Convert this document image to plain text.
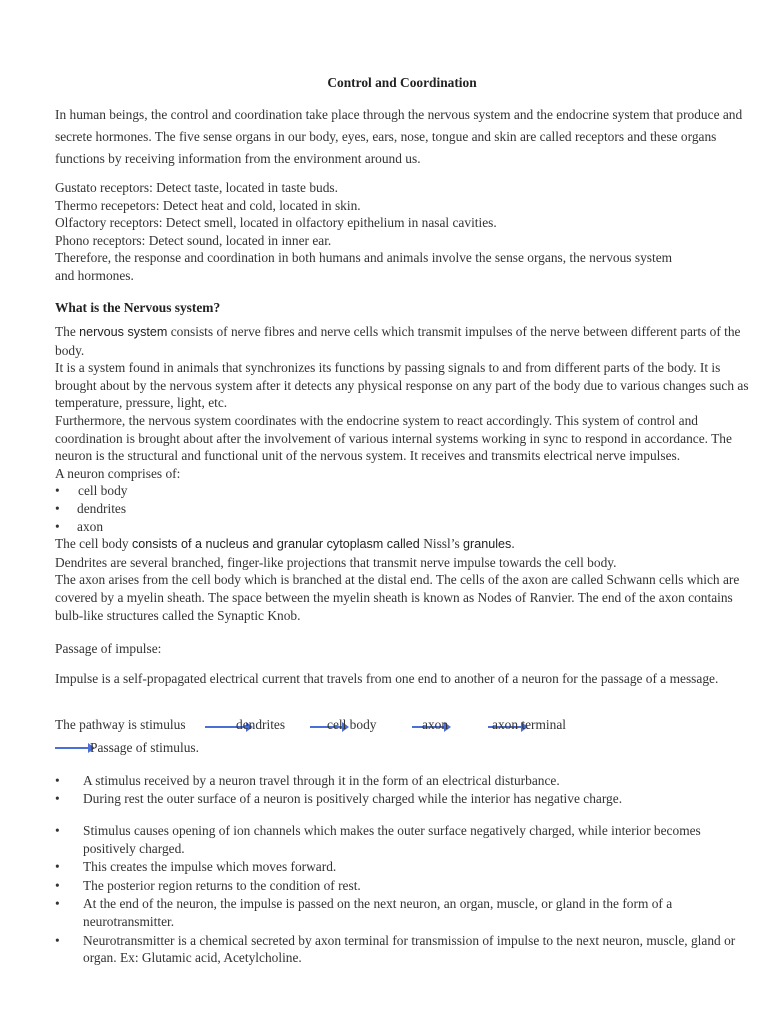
Control and Coordination
In human beings, the control and coordination take place through the nervous system and the endocrine system that produce and secrete hormones. The five sense organs in our body, eyes, ears, nose, tongue and skin are called receptors and these organs functions by receiving information from the environment around us.
Gustato receptors: Detect taste, located in taste buds.
Thermo recepetors: Detect heat and cold, located in skin.
Olfactory receptors: Detect smell, located in olfactory epithelium in nasal cavities.
Phono receptors: Detect sound, located in inner ear.
Therefore, the response and coordination in both humans and animals involve the sense organs, the nervous system and hormones.
What is the Nervous system?
The nervous system consists of nerve fibres and nerve cells which transmit impulses of the nerve between different parts of the body.
It is a system found in animals that synchronizes its functions by passing signals to and from different parts of the body. It is brought about by the nervous system after it detects any physical response on any part of the body due to various changes such as temperature, pressure, light, etc.
Furthermore, the nervous system coordinates with the endocrine system to react accordingly. This system of control and coordination is brought about after the involvement of various internal systems working in sync to respond in accordance. The neuron is the structural and functional unit of the nervous system. It receives and transmits electrical nerve impulses.
A neuron comprises of:
• cell body
• dendrites
• axon
The cell body consists of a nucleus and granular cytoplasm called Nissl’s granules.
Dendrites are several branched, finger-like projections that transmit nerve impulse towards the cell body.
The axon arises from the cell body which is branched at the distal end. The cells of the axon are called Schwann cells which are covered by a myelin sheath. The space between the myelin sheath is known as Nodes of Ranvier. The end of the axon contains bulb-like structures called the Synaptic Knob.
Passage of impulse:
Impulse is a self-propagated electrical current that travels from one end to another of a neuron for the passage of a message.
The pathway is stimulus	dendrites	cell body	axon	axon terminal
Passage of stimulus.
• A stimulus received by a neuron travel through it in the form of an electrical disturbance.
• During rest the outer surface of a neuron is positively charged while the interior has negative charge.
• Stimulus causes opening of ion channels which makes the outer surface negatively charged, while interior becomes positively charged.
• This creates the impulse which moves forward.
• The posterior region returns to the condition of rest.
• At the end of the neuron, the impulse is passed on the next neuron, an organ, muscle, or gland in the form of a neurotransmitter.
• Neurotransmitter is a chemical secreted by axon terminal for transmission of impulse to the next neuron, muscle, gland or organ. Ex: Glutamic acid, Acetylcholine.
